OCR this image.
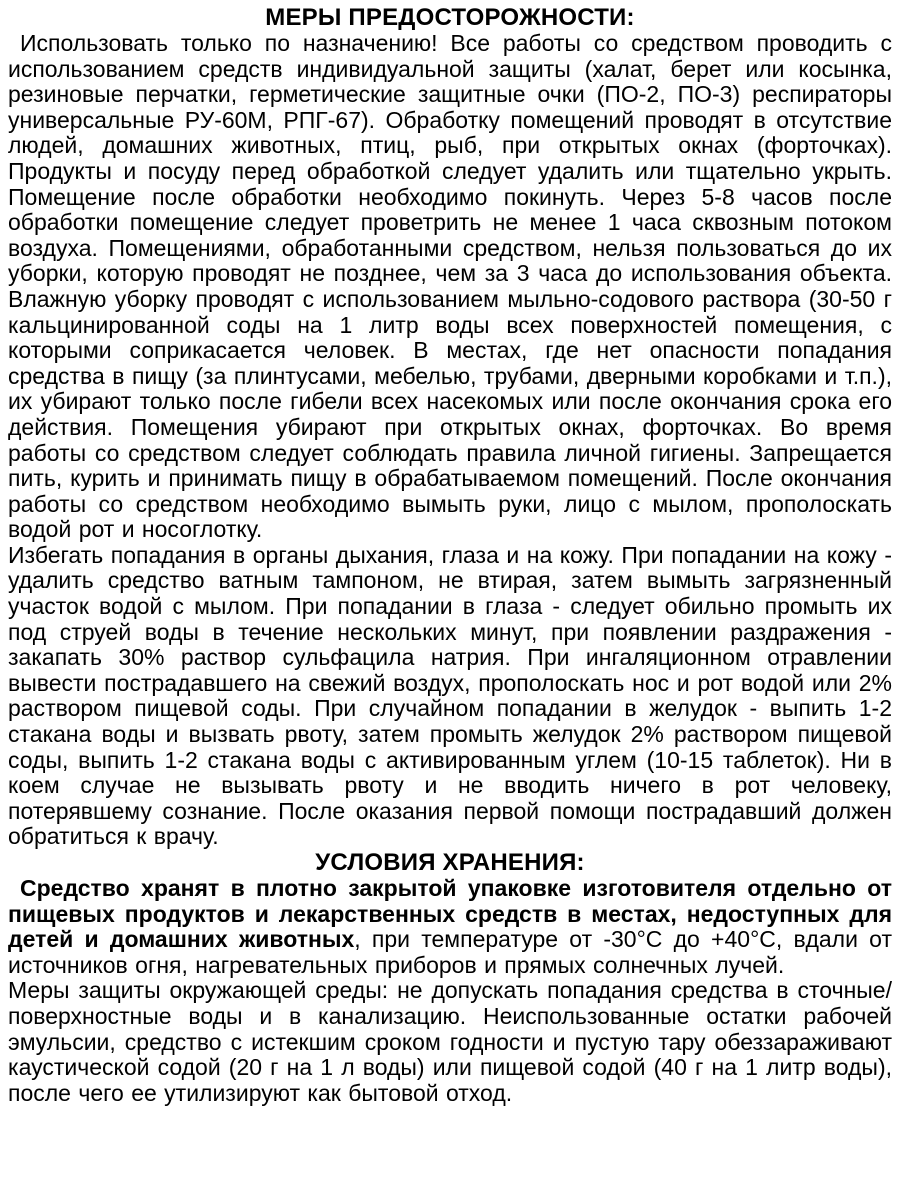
МЕРЫ ПРЕДОСТОРОЖНОСТИ:

Использовать только по назначению! Все работы со средством проводить с использованием средств индивидуальной защиты (халат, берет или косынка, резиновые перчатки, герметические защитные очки (ПО-2, ПО-3) респираторы универсальные РУ-60М, РПГ-67). Обработку помещений проводят в отсутствие людей, домашних животных, птиц, рыб, при открытых окнах (форточках). Продукты и посуду перед обработкой следует удалить или тщательно укрыть. Помещение после обработки необходимо покинуть. Через 5-8 часов после обработки помещение следует проветрить не менее 1 часа сквозным потоком воздуха. Помещениями, обработанными средством, нельзя пользоваться до их уборки, которую проводят не позднее, чем за 3 часа до использования объекта. Влажную уборку проводят с использованием мыльно-содового раствора (30-50 г кальцинированной соды на 1 литр воды всех поверхностей помещения, с которыми соприкасается человек. В местах, где нет опасности попадания средства в пищу (за плинтусами, мебелью, трубами, дверными коробками и т.п.), их убирают только после гибели всех насекомых или после окончания срока его действия. Помещения убирают при открытых окнах, форточках. Во время работы со средством следует соблюдать правила личной гигиены. Запрещается пить, курить и принимать пищу в обрабатываемом помещений. После окончания работы со средством необходимо вымыть руки, лицо с мылом, прополоскать водой рот и носоглотку.

Избегать попадания в органы дыхания, глаза и на кожу. При попадании на кожу - удалить средство ватным тампоном, не втирая, затем вымыть загрязненный участок водой с мылом. При попадании в глаза - следует обильно промыть их под струей воды в течение нескольких минут, при появлении раздражения - закапать 30% раствор сульфацила натрия. При ингаляционном отравлении вывести пострадавшего на свежий воздух, прополоскать нос и рот водой или 2% раствором пищевой соды. При случайном попадании в желудок - выпить 1-2 стакана воды и вызвать рвоту, затем промыть желудок 2% раствором пищевой соды, выпить 1-2 стакана воды с активированным углем (10-15 таблеток). Ни в коем случае не вызывать рвоту и не вводить ничего в рот человеку, потерявшему сознание. После оказания первой помощи пострадавший должен обратиться к врачу.

УСЛОВИЯ ХРАНЕНИЯ:

Средство хранят в плотно закрытой упаковке изготовителя отдельно от пищевых продуктов и лекарственных средств в местах, недоступных для детей и домашних животных, при температуре от -30°С до +40°С, вдали от источников огня, нагревательных приборов и прямых солнечных лучей.

Меры защиты окружающей среды: не допускать попадания средства в сточные/поверхностные воды и в канализацию. Неиспользованные остатки рабочей эмульсии, средство с истекшим сроком годности и пустую тару обеззараживают каустической содой (20 г на 1 л воды) или пищевой содой (40 г на 1 литр воды), после чего ее утилизируют как бытовой отход.
